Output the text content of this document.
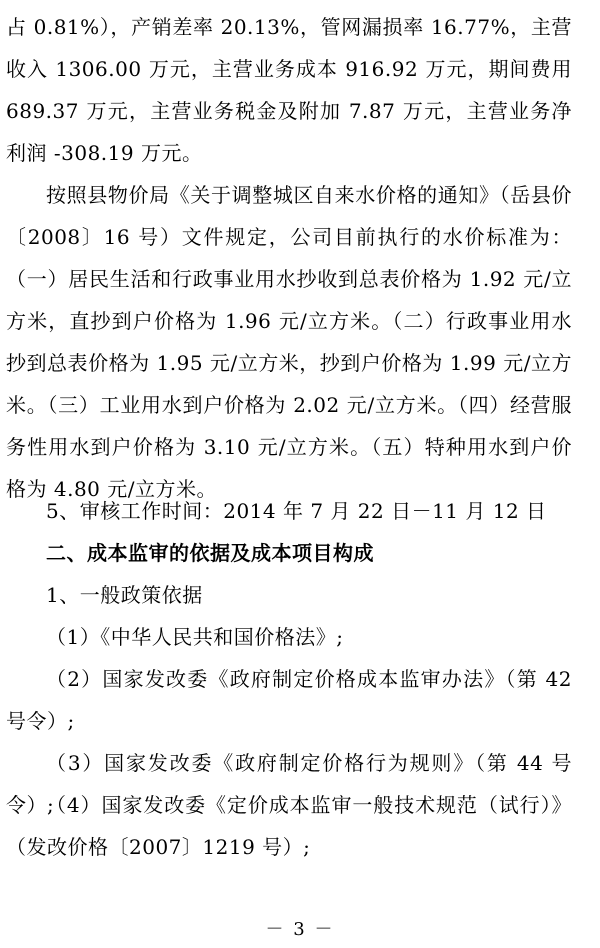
占 0.81%），产销差率 20.13%，管网漏损率 16.77%，主营收入 1306.00 万元，主营业务成本 916.92 万元，期间费用 689.37 万元，主营业务税金及附加 7.87 万元，主营业务净利润 -308.19 万元。

按照县物价局《关于调整城区自来水价格的通知》（岳县价〔2008〕16 号）文件规定，公司目前执行的水价标准为：（一）居民生活和行政事业用水抄收到总表价格为 1.92 元/立方米，直抄到户价格为 1.96 元/立方米。（二）行政事业用水抄到总表价格为 1.95 元/立方米，抄到户价格为 1.99 元/立方米。（三）工业用水到户价格为 2.02 元/立方米。（四）经营服务性用水到户价格为 3.10 元/立方米。（五）特种用水到户价格为 4.80 元/立方米。

5、审核工作时间：2014 年 7 月 22 日－11 月 12 日

二、成本监审的依据及成本项目构成

1、一般政策依据

（1）《中华人民共和国价格法》;

（2）国家发改委《政府制定价格成本监审办法》（第 42 号令）;

（3）国家发改委《政府制定价格行为规则》（第 44 号令）;

（4）国家发改委《定价成本监审一般技术规范（试行）》（发改价格〔2007〕1219 号）;

－ 3 －
